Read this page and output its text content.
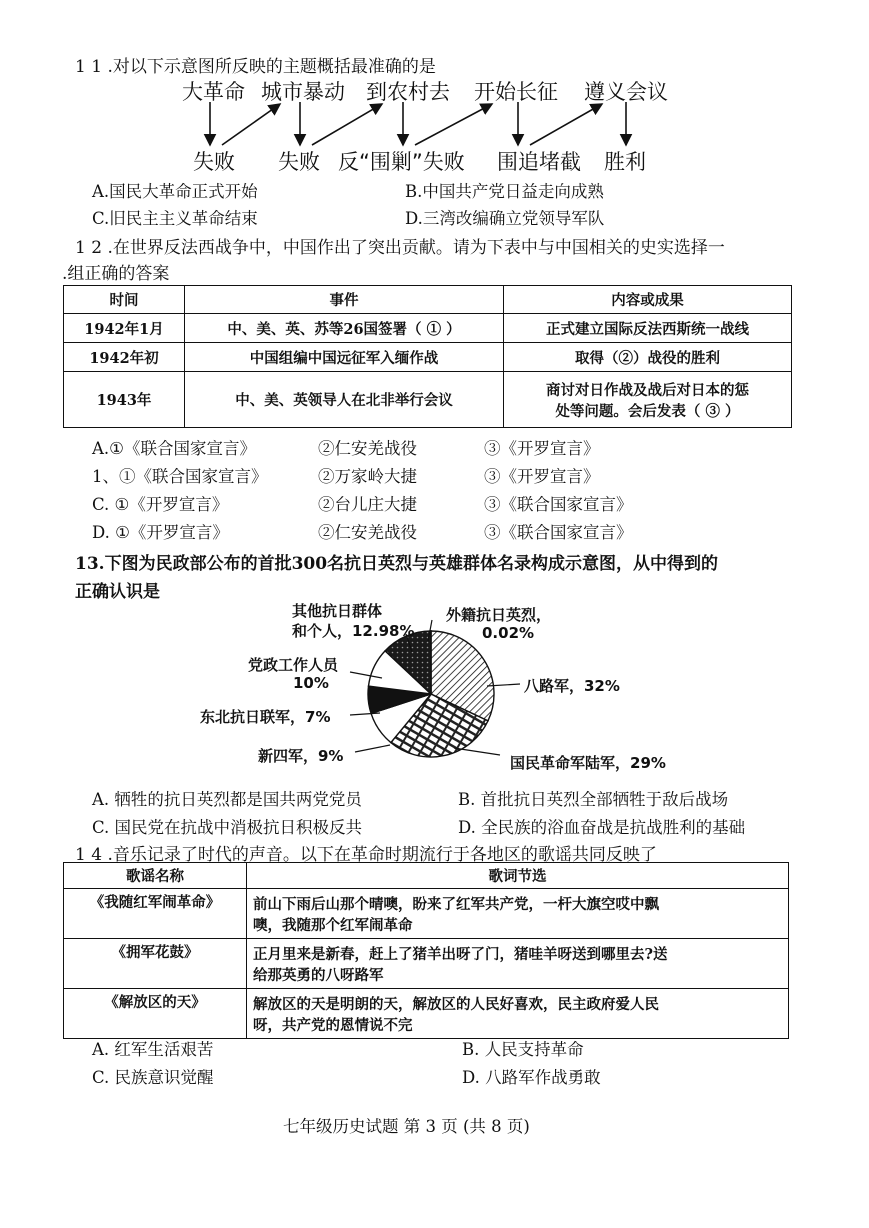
1 1 .对以下示意图所反映的主题概括最准确的是
大革命 城市暴动 到农村去 开始长征 遵义会议
失败 失败 反“围剿”失败 围追堵截 胜利
A.国民大革命正式开始	B.中国共产党日益走向成熟
C.旧民主主义革命结束	D.三湾改编确立党领导军队
1 2 .在世界反法西战争中，中国作出了突出贡献。请为下表中与中国相关的史实选择一
.组正确的答案
时间	事件	内容或成果
1942年1月	中、美、英、苏等26国签署（ ① ）	正式建立国际反法西斯统一战线
1942年初	中国组编中国远征军入缅作战	取得（②）战役的胜利
1943年	中、美、英领导人在北非举行会议	商讨对日作战及战后对日本的惩
处等问题。会后发表（ ③ ）
A.①《联合国家宣言》	②仁安羌战役	③《开罗宣言》
1、①《联合国家宣言》	②万家岭大捷	③《开罗宣言》
C. ①《开罗宣言》	②台儿庄大捷	③《联合国家宣言》
D. ①《开罗宣言》	②仁安羌战役	③《联合国家宣言》
13.下图为民政部公布的首批300名抗日英烈与英雄群体名录构成示意图，从中得到的
正确认识是
其他抗日群体
和个人，12.98%
外籍抗日英烈，
0.02%
党政工作人员
10%	八路军，32%
东北抗日联军，7%
新四军，9%	国民革命军陆军，29%
A. 牺牲的抗日英烈都是国共两党党员	B. 首批抗日英烈全部牺牲于敌后战场
C. 国民党在抗战中消极抗日积极反共	D. 全民族的浴血奋战是抗战胜利的基础
1 4 .音乐记录了时代的声音。以下在革命时期流行于各地区的歌谣共同反映了
歌谣名称	歌词节选
《我随红军闹革命》	前山下雨后山那个晴噢，盼来了红军共产党，一杆大旗空哎中飘
噢，我随那个红军闹革命

《拥军花鼓》	正月里来是新春，赶上了猪羊出呀了门，猪哇羊呀送到哪里去?送
给那英勇的八呀路军

《解放区的天》	解放区的天是明朗的天，解放区的人民好喜欢，民主政府爱人民
呀，共产党的恩情说不完
A. 红军生活艰苦	B. 人民支持革命
C. 民族意识觉醒	D. 八路军作战勇敢
七年级历史试题 第 3 页 (共 8 页)
